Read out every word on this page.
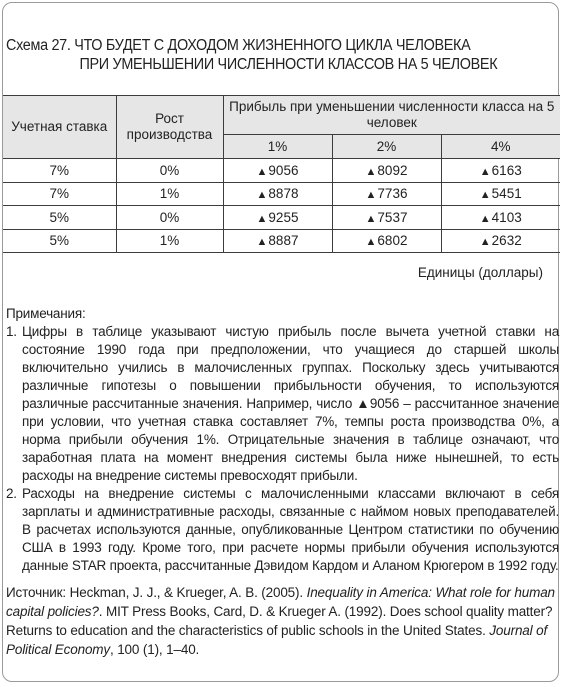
Схема 27. ЧТО БУДЕТ С ДОХОДОМ ЖИЗНЕННОГО ЦИКЛА ЧЕЛОВЕКА
ПРИ УМЕНЬШЕНИИ ЧИСЛЕННОСТИ КЛАССОВ НА 5 ЧЕЛОВЕК
Учетная ставка	Рост производства	Прибыль при уменьшении численности класса на 5 человек		
		1%	2%	4%
7%	0%	▲9056	▲8092	▲6163
7%	1%	▲8878	▲7736	▲5451
5%	0%	▲9255	▲7537	▲4103
5%	1%	▲8887	▲6802	▲2632
Единицы (доллары)
Примечания:
1. Цифры в таблице указывают чистую прибыль после вычета учетной ставки на состояние 1990 года при предположении, что учащиеся до старшей школы включительно учились в малочисленных группах. Поскольку здесь учитываются различные гипотезы о повышении прибыльности обучения, то используются различные рассчитанные значения. Например, число ▲9056 – рассчитанное значение при условии, что учетная ставка составляет 7%, темпы роста производства 0%, а норма прибыли обучения 1%. Отрицательные значения в таблице означают, что заработная плата на момент внедрения системы была ниже нынешней, то есть расходы на внедрение системы превосходят прибыли.
2. Расходы на внедрение системы с малочисленными классами включают в себя зарплаты и административные расходы, связанные с наймом новых преподавателей. В расчетах используются данные, опубликованные Центром статистики по обучению США в 1993 году. Кроме того, при расчете нормы прибыли обучения используются данные STAR проекта, рассчитанные Дэвидом Кардом и Аланом Крюгером в 1992 году.
Источник: Heckman, J. J., & Krueger, A. B. (2005). Inequality in America: What role for human capital policies?. MIT Press Books, Card, D. & Krueger A. (1992). Does school quality matter? Returns to education and the characteristics of public schools in the United States. Journal of Political Economy, 100 (1), 1–40.
